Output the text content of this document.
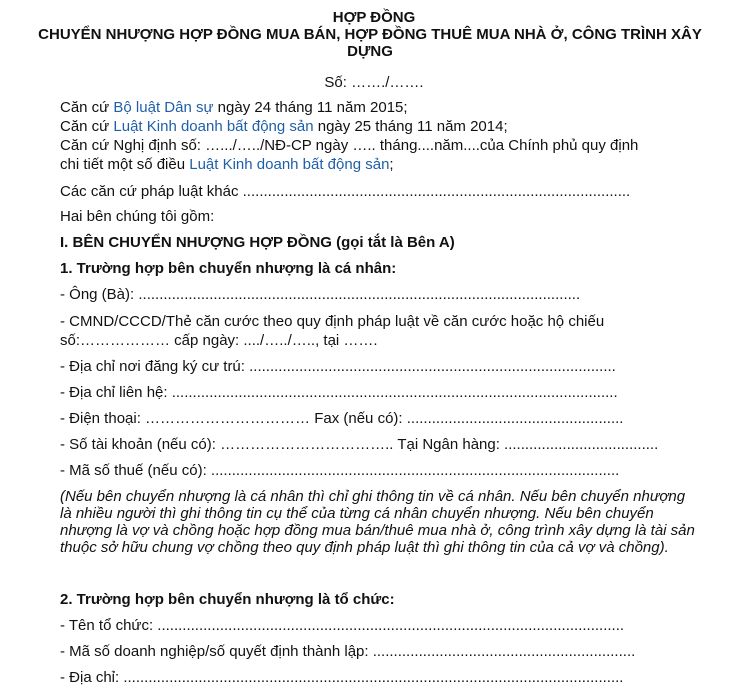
HỢP ĐỒNG
CHUYỂN NHƯỢNG HỢP ĐỒNG MUA BÁN, HỢP ĐỒNG THUÊ MUA NHÀ Ở, CÔNG TRÌNH XÂY DỰNG
Số: ……./…….
Căn cứ Bộ luật Dân sự ngày 24 tháng 11 năm 2015;
Căn cứ Luật Kinh doanh bất động sản ngày 25 tháng 11 năm 2014;
Căn cứ Nghị định số: ….../…../NĐ-CP ngày ….. tháng....năm....của Chính phủ quy định
chi tiết một số điều Luật Kinh doanh bất động sản;
Các căn cứ pháp luật khác .............................................................................................
Hai bên chúng tôi gồm:
I. BÊN CHUYỂN NHƯỢNG HỢP ĐỒNG (gọi tắt là Bên A)
1. Trường hợp bên chuyển nhượng là cá nhân:
- Ông (Bà): ..........................................................................................................
- CMND/CCCD/Thẻ căn cước theo quy định pháp luật về căn cước hoặc hộ chiếu
số:……………… cấp ngày: ..../…../….., tại …….
- Địa chỉ nơi đăng ký cư trú: ........................................................................................
- Địa chỉ liên hệ: ...........................................................................................................
- Điện thoại: …………………………… Fax (nếu có): ....................................................
- Số tài khoản (nếu có): …………………………….. Tại Ngân hàng: .....................................
- Mã số thuế (nếu có): ..................................................................................................
(Nếu bên chuyển nhượng là cá nhân thì chỉ ghi thông tin về cá nhân. Nếu bên chuyển nhượng là nhiều người thì ghi thông tin cụ thể của từng cá nhân chuyển nhượng. Nếu bên chuyển nhượng là vợ và chồng hoặc hợp đồng mua bán/thuê mua nhà ở, công trình xây dựng là tài sản thuộc sở hữu chung vợ chồng theo quy định pháp luật thì ghi thông tin của cả vợ và chồng).
2. Trường hợp bên chuyển nhượng là tổ chức:
- Tên tổ chức: ................................................................................................................
- Mã số doanh nghiệp/số quyết định thành lập: ...............................................................
- Địa chỉ: ........................................................................................................................
